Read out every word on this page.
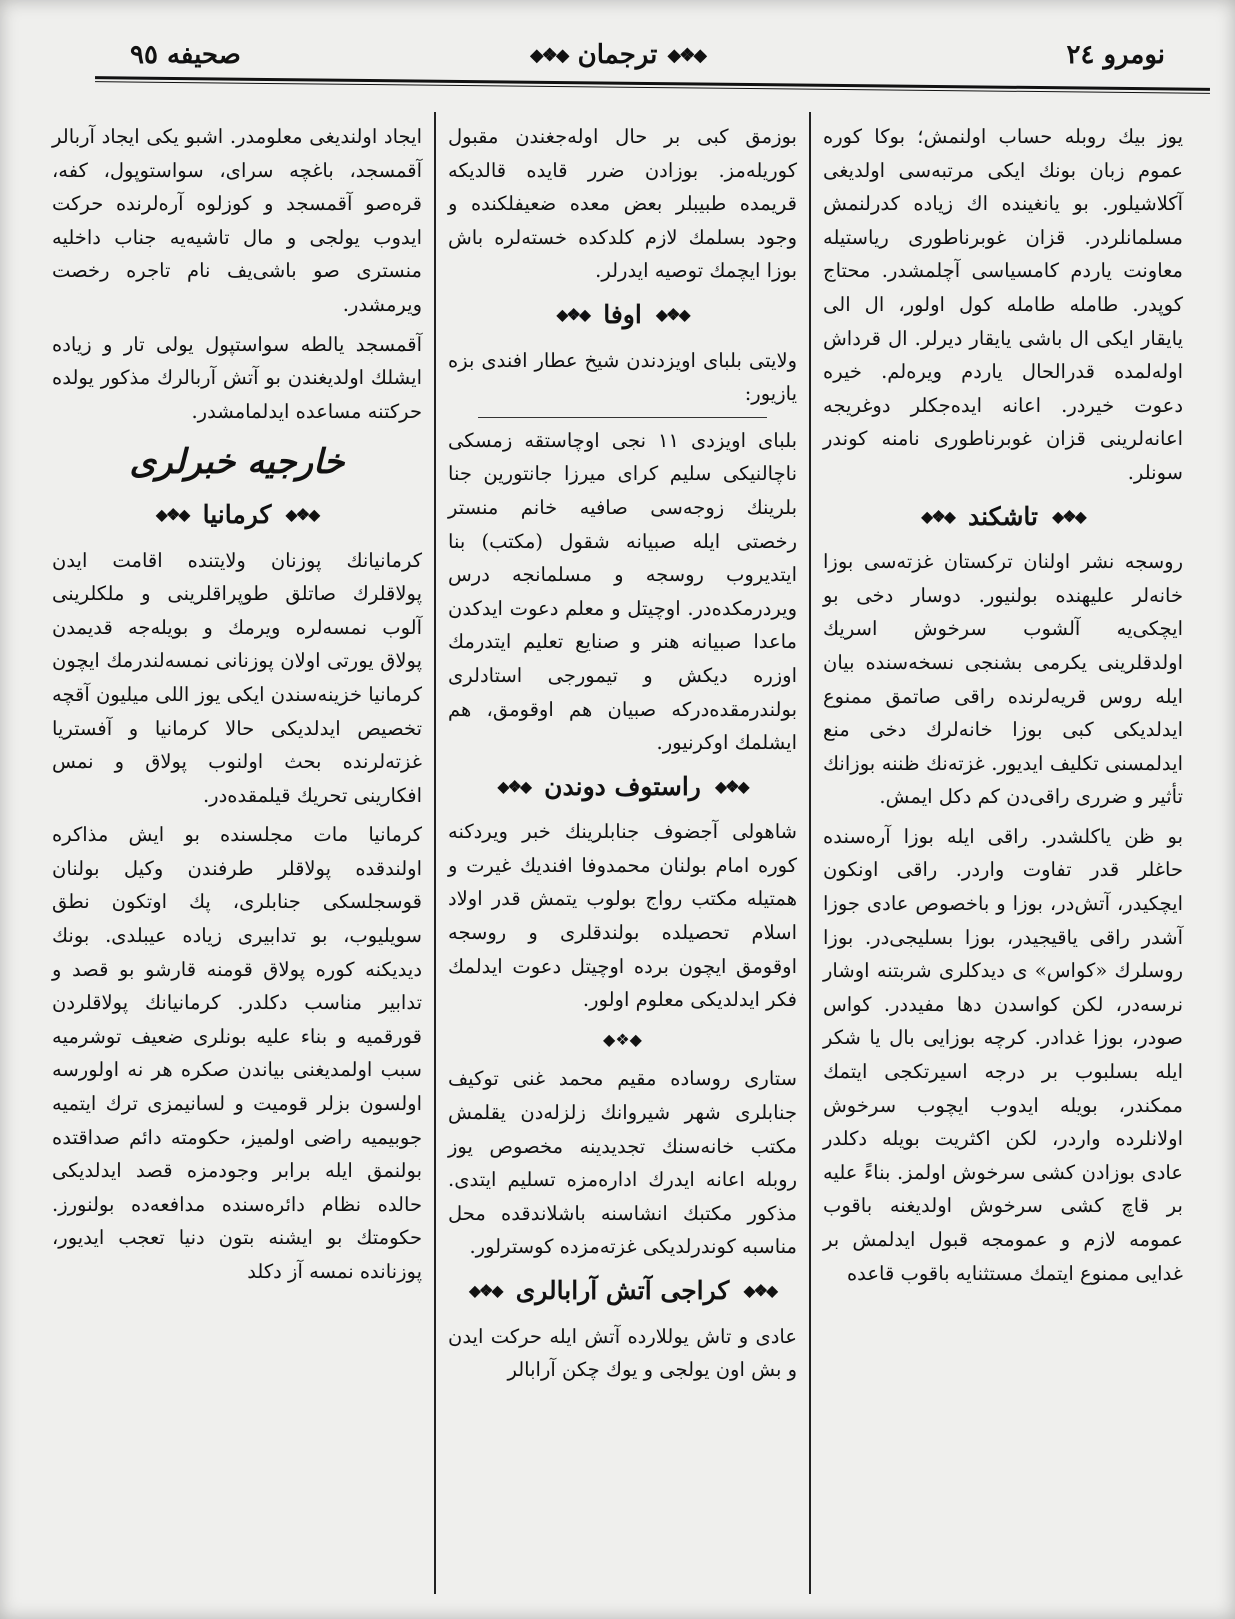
صحيفه ٩٥	◆❖◆
ترجمان
◆❖◆	نومرو ٢٤

يوز بيك روبله حساب اولنمش؛ بوكا كوره عموم زبان بونك ايكى مرتبه‌سى اولديغى آكلاشيلور. بو يانغينده اك زياده كدرلنمش مسلمانلردر. قزان غوبرناطورى رياستيله معاونت ياردم كامسياسى آچلمشدر. محتاج كوپدر. طامله طامله كول اولور، ال الى يايقار ايكى ال باشى يايقار ديرلر. ال قرداش اولەلمده قدرالحال ياردم ويرەلم. خيره دعوت خيردر. اعانه ايده‌جكلر دوغريجه اعانه‌لرينى قزان غوبرناطورى نامنه كوندر سونلر.

◆❖◆
تاشكند
◆❖◆

روسجه نشر اولنان تركستان غزته‌سى بوزا خانه‌لر عليهنده بولنيور. دوسار دخى بو ايچكى‌يه آلشوب سرخوش اسريك اولدقلرينى يكرمى بشنجى نسخه‌سنده بيان ايله روس قريه‌لرنده راقى صاتمق ممنوع ايدلديكى كبى بوزا خانه‌لرك دخى منع ايدلمسنى تكليف ايديور. غزته‌نك ظننه بوزانك تأثير و ضررى راقى‌دن كم دكل ايمش.

بو ظن ياكلشدر. راقى ايله بوزا آره‌سنده حاغلر قدر تفاوت واردر. راقى اونكون ايچكيدر، آتش‌در، بوزا و باخصوص عادى جوزا آشدر راقى ياقيجيدر، بوزا بسليجى‌در. بوزا روسلرك «كواس» ى ديدكلرى شربتنه اوشار نرسه‌در، لكن كواسدن دها مفيددر. كواس صودر، بوزا غدادر. كرچه بوزايى بال يا شكر ايله بسلبوب بر درجه اسيرتكجى ايتمك ممكندر، بويله ايدوب ايچوب سرخوش اولانلرده واردر، لكن اكثريت بويله دكلدر عادى بوزادن كشى سرخوش اولمز. بناءً عليه بر قاچ كشى سرخوش اولديغنه باقوب عمومه لازم و عمومجه قبول ايدلمش بر غدايى ممنوع ايتمك مستثنايه باقوب قاعده

بوزمق كبى بر حال اوله‌جغندن مقبول كوريلەمز. بوزادن ضرر قايده قالديكه قريمده طبيبلر بعض معده ضعيفلكنده و وجود بسلمك لازم كلدكده خسته‌لره باش بوزا ايچمك توصيه ايدرلر.

◆❖◆
اوفا
◆❖◆

ولايتى بلباى اويزدندن شيخ عطار افندى بزه يازيور:

بلباى اويزدى ١١ نجى اوچاستقه زمسكى ناچالنيكى سليم كراى ميرزا جانتورين جنا بلرينك زوجه‌سى صافيه خانم منستر رخصتى ايله صبيانه شقول (مكتب) بنا ايتديروب روسجه و مسلمانجه درس ويردرمكده‌در. اوچيتل و معلم دعوت ايدكدن ماعدا صبيانه هنر و صنايع تعليم ايتدرمك اوزره ديكش و تيمورجى استادلرى بولندرمقده‌دركه صبيان هم اوقومق، هم ايشلمك اوكرنيور.

◆❖◆
راستوف دوندن
◆❖◆

شاهولى آجضوف جنابلرينك خبر ويردكنه كوره امام بولنان محمدوفا افنديك غيرت و همتيله مكتب رواج بولوب يتمش قدر اولاد اسلام تحصيلده بولندقلرى و روسجه اوقومق ايچون برده اوچيتل دعوت ايدلمك فكر ايدلديكى معلوم اولور.

◆❖◆

ستارى روساده مقيم محمد غنى توكيف جنابلرى شهر شيروانك زلزله‌دن يقلمش مكتب خانه‌سنك تجديدينه مخصوص يوز روبله اعانه ايدرك ادارەمزه تسليم ايتدى. مذكور مكتبك انشاسنه باشلاندقده محل مناسبه كوندرلديكى غزته‌مزده كوسترلور.

◆❖◆
كراجى آتش آرابالرى
◆❖◆

عادى و تاش يوللارده آتش ايله حركت ايدن و بش اون يولجى و يوك چكن آرابالر

ايجاد اولنديغى معلومدر. اشبو يكى ايجاد آربالر آقمسجد، باغچه سراى، سواستوپول، كفه، قره‌صو آقمسجد و كوزلوه آره‌لرنده حركت ايدوب يولجى و مال تاشيه‌يه جناب داخليه منسترى صو باشى‌يف نام تاجره رخصت ويرمشدر.

آقمسجد يالطه سواستپول يولى تار و زياده ايشلك اولديغندن بو آتش آربالرك مذكور يولده حركتنه مساعده ايدلمامشدر.

خارجيه خبرلرى
◆❖◆
كرمانيا
◆❖◆

كرمانيانك پوزنان ولايتنده اقامت ايدن پولاقلرك صاتلق طوپراقلرينى و ملكلرينى آلوب نمسەلره ويرمك و بويله‌جه قديمدن پولاق يورتى اولان پوزنانى نمسه‌لندرمك ايچون كرمانيا خزينه‌سندن ايكى يوز اللى ميليون آقچه تخصيص ايدلديكى حالا كرمانيا و آفستريا غزته‌لرنده بحث اولنوب پولاق و نمس افكارينى تحريك قيلمقده‌در.

كرمانيا مات مجلسنده بو ايش مذاكره اولندقده پولاقلر طرفندن وكيل بولنان قوسجلسكى جنابلرى، پك اوتكون نطق سويليوب، بو تدابيرى زياده عيبلدى. بونك ديديكنه كوره پولاق قومنه قارشو بو قصد و تدابير مناسب دكلدر. كرمانيانك پولاقلردن قورقميه و بناء عليه بونلرى ضعيف توشرميه سبب اولمديغنى بياندن صكره هر نه اولورسه اولسون بزلر قوميت و لسانيمزى ترك ايتميه جوبيميه راضى اولميز، حكومته دائم صداقتده بولنمق ايله برابر وجودمزه قصد ايدلديكى حالده نظام دائره‌سنده مدافعه‌ده بولنورز. حكومتك بو ايشنه بتون دنيا تعجب ايديور، پوزنانده نمسه آز دكلد
